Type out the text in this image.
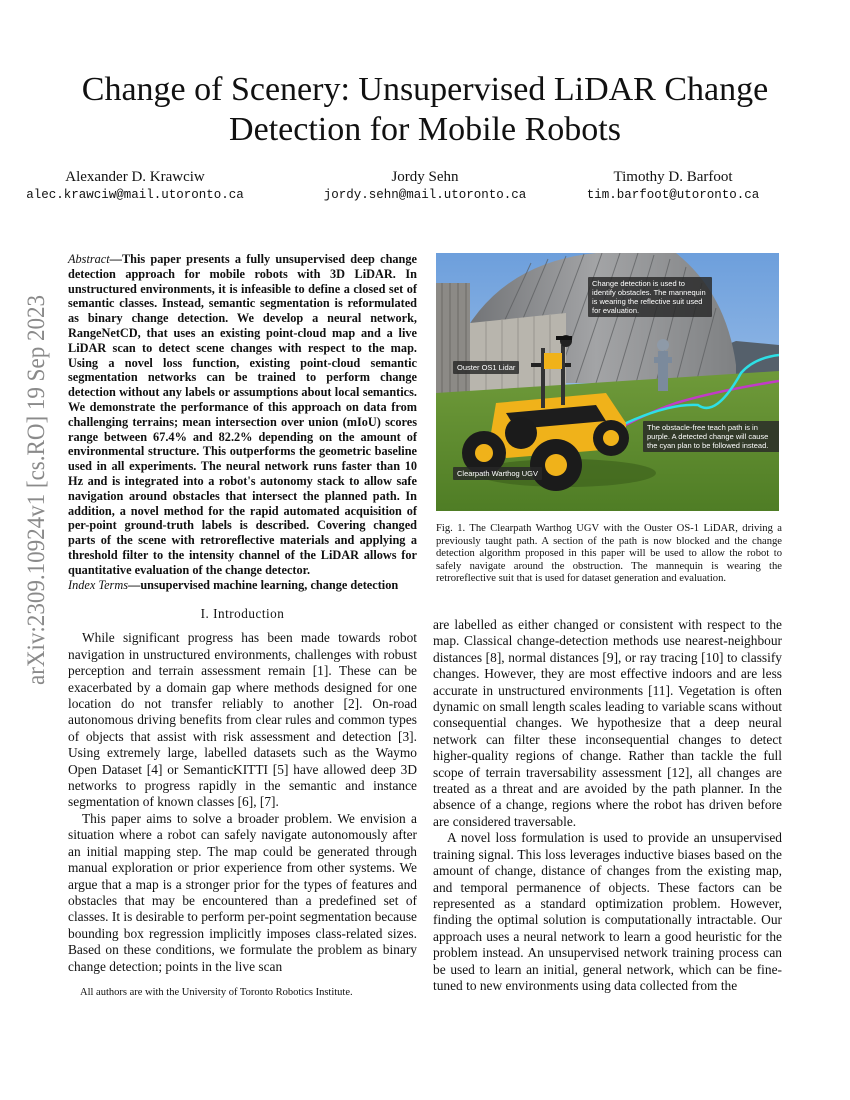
arXiv:2309.10924v1 [cs.RO] 19 Sep 2023
Change of Scenery: Unsupervised LiDAR Change
Detection for Mobile Robots
Alexander D. Krawciw
alec.krawciw@mail.utoronto.ca
Jordy Sehn
jordy.sehn@mail.utoronto.ca
Timothy D. Barfoot
tim.barfoot@utoronto.ca

Abstract—This paper presents a fully unsupervised deep change detection approach for mobile robots with 3D LiDAR. In unstructured environments, it is infeasible to define a closed set of semantic classes. Instead, semantic segmentation is reformulated as binary change detection. We develop a neural network, RangeNetCD, that uses an existing point-cloud map and a live LiDAR scan to detect scene changes with respect to the map. Using a novel loss function, existing point-cloud semantic segmentation networks can be trained to perform change detection without any labels or assumptions about local semantics. We demonstrate the performance of this approach on data from challenging terrains; mean intersection over union (mIoU) scores range between 67.4% and 82.2% depending on the amount of environmental structure. This outperforms the geometric baseline used in all experiments. The neural network runs faster than 10 Hz and is integrated into a robot's autonomy stack to allow safe navigation around obstacles that intersect the planned path. In addition, a novel method for the rapid automated acquisition of per-point ground-truth labels is described. Covering changed parts of the scene with retroreflective materials and applying a threshold filter to the intensity channel of the LiDAR allows for quantitative evaluation of the change detector.

Index Terms—unsupervised machine learning, change detection

I. Introduction

While significant progress has been made towards robot navigation in unstructured environments, challenges with robust perception and terrain assessment remain [1]. These can be exacerbated by a domain gap where methods designed for one location do not transfer reliably to another [2]. On-road autonomous driving benefits from clear rules and common types of objects that assist with risk assessment and detection [3]. Using extremely large, labelled datasets such as the Waymo Open Dataset [4] or SemanticKITTI [5] have allowed deep 3D networks to progress rapidly in the semantic and instance segmentation of known classes [6], [7].

This paper aims to solve a broader problem. We envision a situation where a robot can safely navigate autonomously after an initial mapping step. The map could be generated through manual exploration or prior experience from other systems. We argue that a map is a stronger prior for the types of features and obstacles that may be encountered than a predefined set of classes. It is desirable to perform per-point segmentation because bounding box regression implicitly imposes class-related sizes. Based on these conditions, we formulate the problem as binary change detection; points in the live scan

All authors are with the University of Toronto Robotics Institute.
Change detection is used to identify obstacles. The mannequin is wearing the reflective suit used for evaluation.
Ouster OS1 Lidar
The obstacle-free teach path is in purple. A detected change will cause the cyan plan to be followed instead.
Clearpath Warthog UGV
Fig. 1. The Clearpath Warthog UGV with the Ouster OS-1 LiDAR, driving a previously taught path. A section of the path is now blocked and the change detection algorithm proposed in this paper will be used to allow the robot to safely navigate around the obstruction. The mannequin is wearing the retroreflective suit that is used for dataset generation and evaluation.

are labelled as either changed or consistent with respect to the map. Classical change-detection methods use nearest-neighbour distances [8], normal distances [9], or ray tracing [10] to classify changes. However, they are most effective indoors and are less accurate in unstructured environments [11]. Vegetation is often dynamic on small length scales leading to variable scans without consequential changes. We hypothesize that a deep neural network can filter these inconsequential changes to detect higher-quality regions of change. Rather than tackle the full scope of terrain traversability assessment [12], all changes are treated as a threat and are avoided by the path planner. In the absence of a change, regions where the robot has driven before are considered traversable.

A novel loss formulation is used to provide an unsupervised training signal. This loss leverages inductive biases based on the amount of change, distance of changes from the existing map, and temporal permanence of objects. These factors can be represented as a standard optimization problem. However, finding the optimal solution is computationally intractable. Our approach uses a neural network to learn a good heuristic for the problem instead. An unsupervised network training process can be used to learn an initial, general network, which can be fine-tuned to new environments using data collected from the
